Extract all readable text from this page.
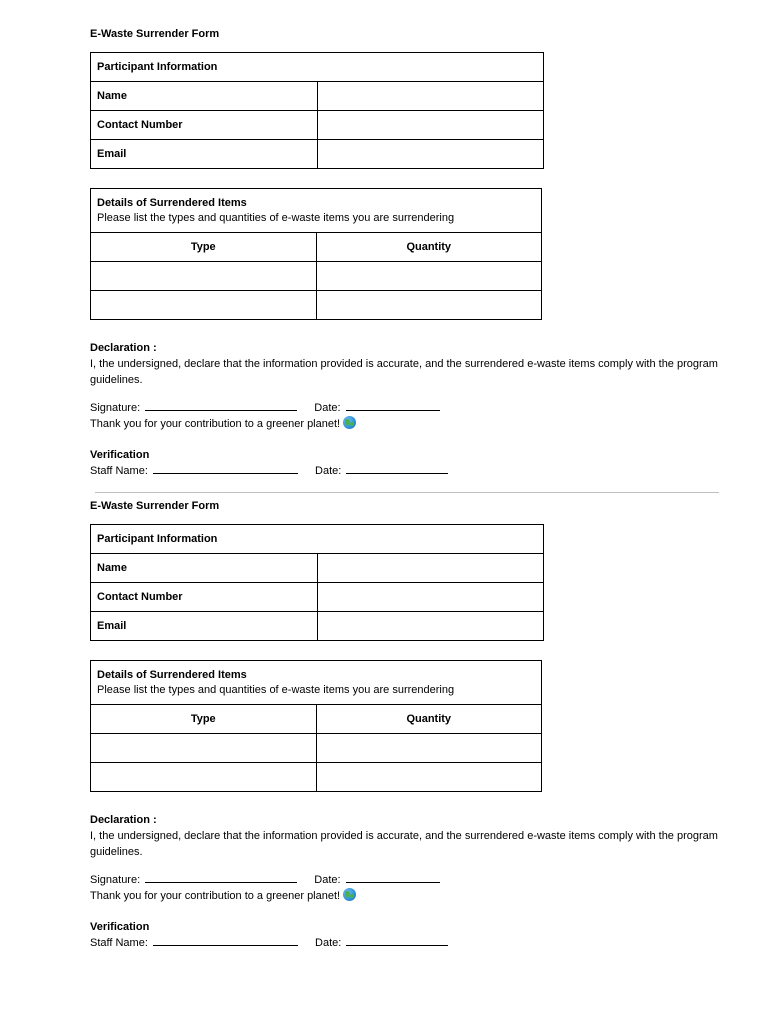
E-Waste Surrender Form
Participant Information	
Name	
Contact Number	
Email	
Details of Surrendered Items
Please list the types and quantities of e-waste items you are surrendering	

Type	Quantity

Declaration :
I, the undersigned, declare that the information provided is accurate, and the surrendered e-waste items comply with the program guidelines.
Signature:	Date:
Thank you for your contribution to a greener planet!
Verification
Staff Name:	Date:
E-Waste Surrender Form
Participant Information	
Name	
Contact Number	
Email	
Details of Surrendered Items
Please list the types and quantities of e-waste items you are surrendering	

Type	Quantity

Declaration :
I, the undersigned, declare that the information provided is accurate, and the surrendered e-waste items comply with the program guidelines.
Signature:	Date:
Thank you for your contribution to a greener planet!
Verification
Staff Name:	Date:
